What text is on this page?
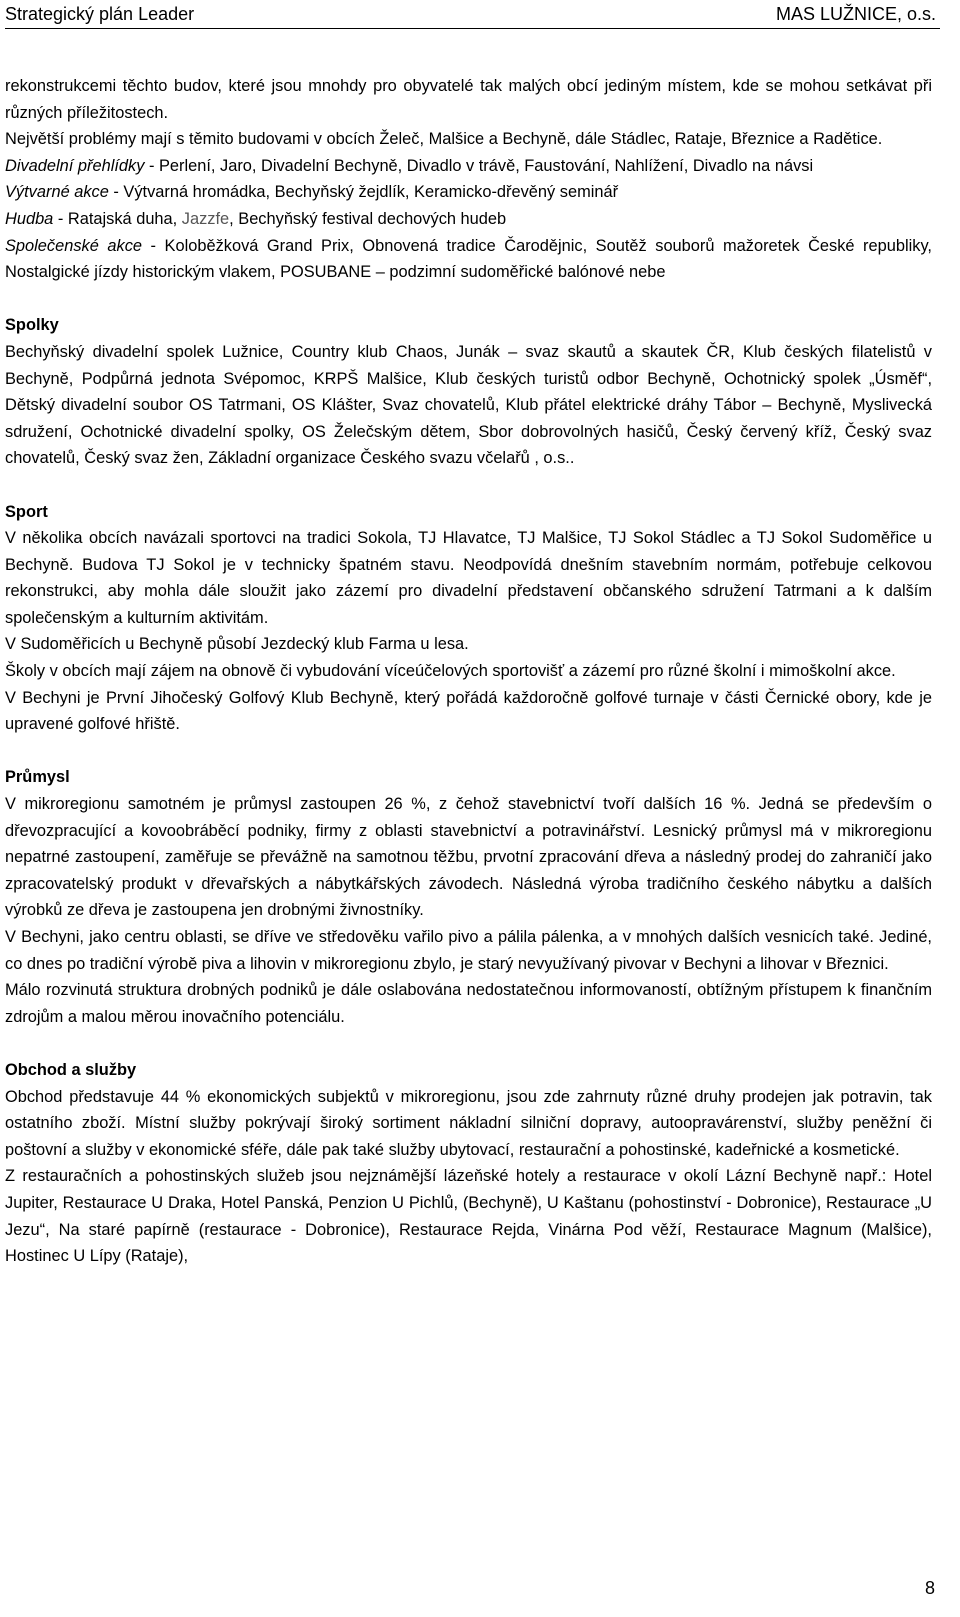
Strategický plán Leader	MAS LUŽNICE, o.s.

rekonstrukcemi těchto budov, které jsou mnohdy pro obyvatelé tak malých obcí jediným místem, kde se mohou setkávat při různých příležitostech.

Největší problémy mají s těmito budovami v obcích Želeč, Malšice a Bechyně, dále Stádlec, Rataje, Březnice a Radětice.

Divadelní přehlídky - Perlení, Jaro, Divadelní Bechyně, Divadlo v trávě, Faustování, Nahlížení, Divadlo na návsi

Výtvarné akce - Výtvarná hromádka, Bechyňský žejdlík, Keramicko-dřevěný seminář

Hudba - Ratajská duha, Jazzfe, Bechyňský festival dechových hudeb

Společenské akce - Koloběžková Grand Prix, Obnovená tradice Čarodějnic, Soutěž souborů mažoretek České republiky, Nostalgické jízdy historickým vlakem, POSUBANE – podzimní sudoměřické balónové nebe

Spolky

Bechyňský divadelní spolek Lužnice, Country klub Chaos, Junák – svaz skautů a skautek ČR, Klub českých filatelistů v Bechyně, Podpůrná jednota Svépomoc, KRPŠ Malšice, Klub českých turistů odbor Bechyně, Ochotnický spolek „Úsměf“, Dětský divadelní soubor OS Tatrmani, OS Klášter, Svaz chovatelů, Klub přátel elektrické dráhy Tábor – Bechyně, Myslivecká sdružení, Ochotnické divadelní spolky, OS Želečským dětem, Sbor dobrovolných hasičů, Český červený kříž, Český svaz chovatelů, Český svaz žen, Základní organizace Českého svazu včelařů , o.s..

Sport

V několika obcích navázali sportovci na tradici Sokola, TJ Hlavatce, TJ Malšice, TJ Sokol Stádlec a TJ Sokol Sudoměřice u Bechyně. Budova TJ Sokol je v technicky špatném stavu. Neodpovídá dnešním stavebním normám, potřebuje celkovou rekonstrukci, aby mohla dále sloužit jako zázemí pro divadelní představení občanského sdružení Tatrmani a k dalším společenským a kulturním aktivitám.

V Sudoměřicích u Bechyně působí Jezdecký klub Farma u lesa.

Školy v obcích mají zájem na obnově či vybudování víceúčelových sportovišť a zázemí pro různé školní i mimoškolní akce.

V Bechyni je První Jihočeský Golfový Klub Bechyně, který pořádá každoročně golfové turnaje v části Černické obory, kde je upravené golfové hřiště.

Průmysl

V mikroregionu samotném je průmysl zastoupen 26 %, z čehož stavebnictví tvoří dalších 16 %. Jedná se především o dřevozpracující a kovoobráběcí podniky, firmy z oblasti stavebnictví a potravinářství. Lesnický průmysl má v mikroregionu nepatrné zastoupení, zaměřuje se převážně na samotnou těžbu, prvotní zpracování dřeva a následný prodej do zahraničí jako zpracovatelský produkt v dřevařských a nábytkářských závodech. Následná výroba tradičního českého nábytku a dalších výrobků ze dřeva je zastoupena jen drobnými živnostníky.

V Bechyni, jako centru oblasti, se dříve ve středověku vařilo pivo a pálila pálenka, a v mnohých dalších vesnicích také. Jediné, co dnes po tradiční výrobě piva a lihovin v mikroregionu zbylo, je starý nevyužívaný pivovar v Bechyni a lihovar v Březnici.

Málo rozvinutá struktura drobných podniků je dále oslabována nedostatečnou informovaností, obtížným přístupem k finančním zdrojům a malou měrou inovačního potenciálu.

Obchod a služby

Obchod představuje 44 % ekonomických subjektů v mikroregionu, jsou zde zahrnuty různé druhy prodejen jak potravin, tak ostatního zboží. Místní služby pokrývají široký sortiment nákladní silniční dopravy, autoopravárenství, služby peněžní či poštovní a služby v ekonomické sféře, dále pak také služby ubytovací, restaurační a pohostinské, kadeřnické a kosmetické.

Z restauračních a pohostinských služeb jsou nejznámější lázeňské hotely a restaurace v okolí Lázní Bechyně např.: Hotel Jupiter, Restaurace U Draka, Hotel Panská, Penzion U Pichlů, (Bechyně), U Kaštanu (pohostinství - Dobronice), Restaurace „U Jezu“, Na staré papírně (restaurace - Dobronice), Restaurace Rejda, Vinárna Pod věží, Restaurace Magnum (Malšice), Hostinec U Lípy (Rataje),

8
